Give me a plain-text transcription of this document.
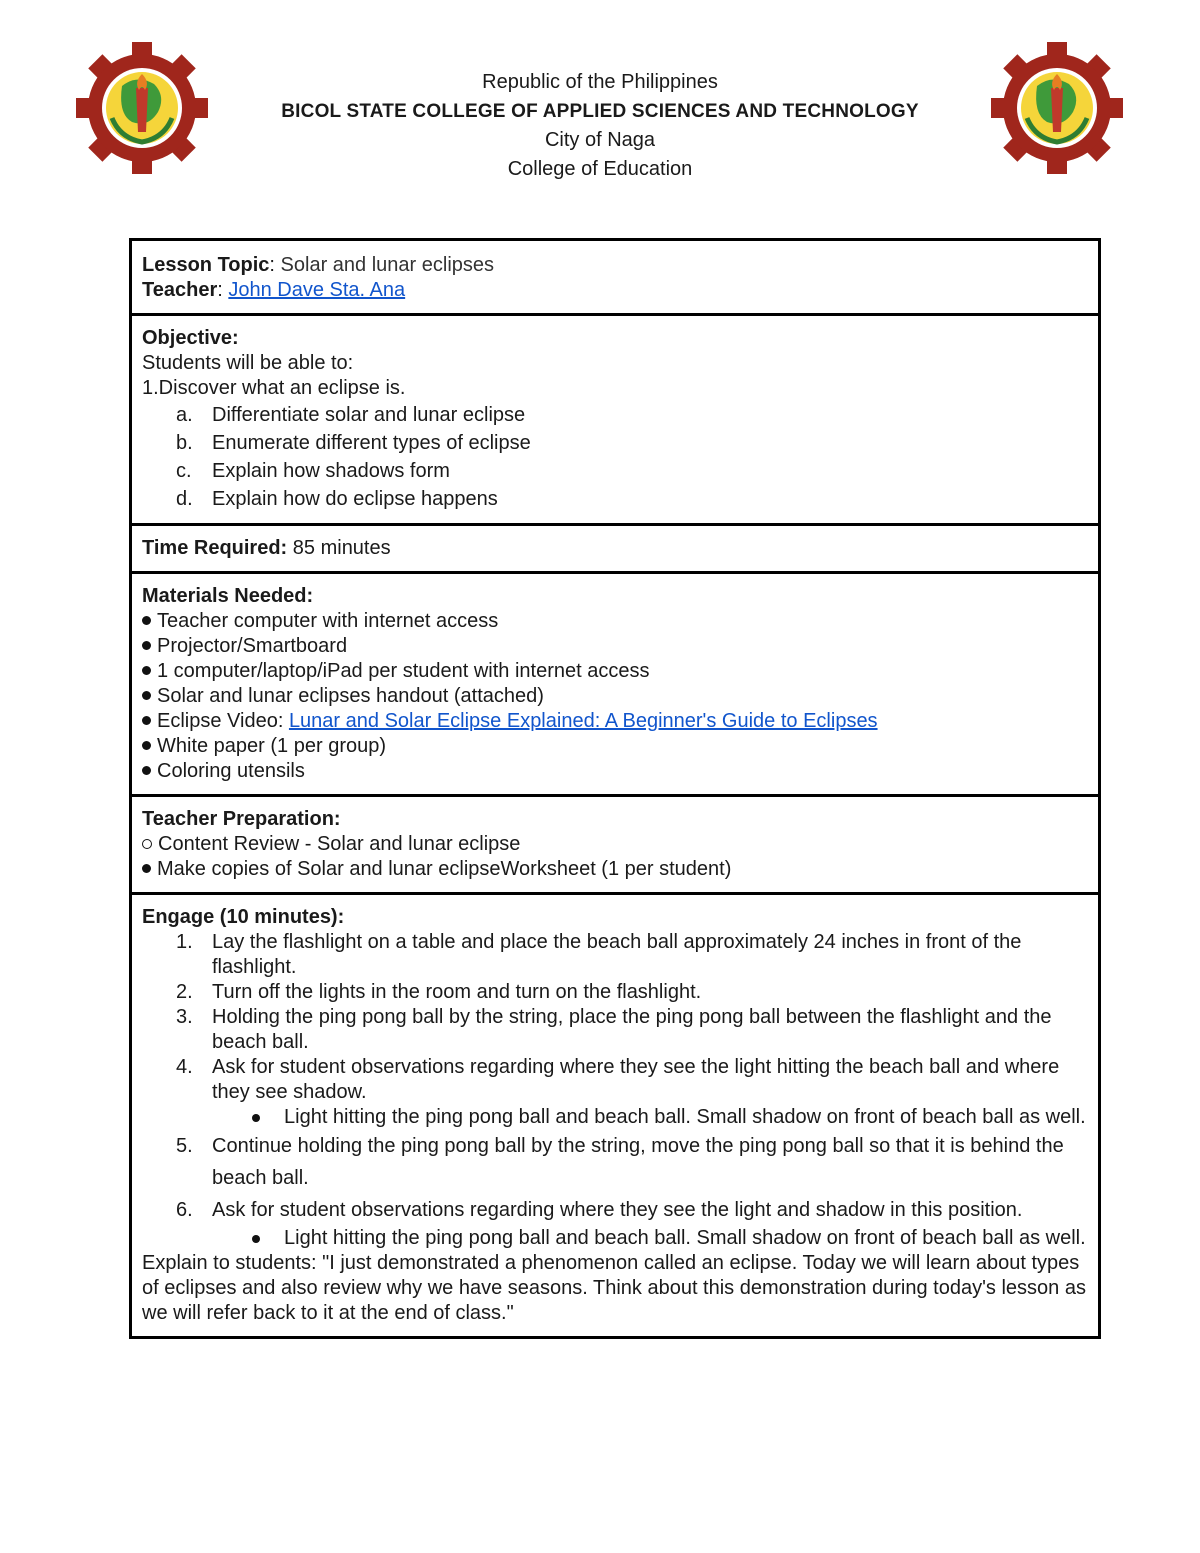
Republic of the Philippines
BICOL STATE COLLEGE OF APPLIED SCIENCES AND TECHNOLOGY
City of Naga
College of Education
Lesson Topic: Solar and lunar eclipses
Teacher: John Dave Sta. Ana

Objective:
Students will be able to:
1.Discover what an eclipse is.
a. Differentiate solar and lunar eclipse
b. Enumerate different types of eclipse
c. Explain how shadows form
d. Explain how do eclipse happens

Time Required: 85 minutes

Materials Needed:
Teacher computer with internet access
Projector/Smartboard
1 computer/laptop/iPad per student with internet access
Solar and lunar eclipses handout (attached)
Eclipse Video: Lunar and Solar Eclipse Explained: A Beginner's Guide to Eclipses
White paper (1 per group)
Coloring utensils

Teacher Preparation:
Content Review - Solar and lunar eclipse
Make copies of Solar and lunar eclipseWorksheet (1 per student)

Engage (10 minutes):
1. Lay the flashlight on a table and place the beach ball approximately 24 inches in front of the flashlight.
2. Turn off the lights in the room and turn on the flashlight.
3. Holding the ping pong ball by the string, place the ping pong ball between the flashlight and the beach ball.
4. Ask for student observations regarding where they see the light hitting the beach ball and where they see shadow.
Light hitting the ping pong ball and beach ball. Small shadow on front of beach ball as well.
5. Continue holding the ping pong ball by the string, move the ping pong ball so that it is behind the beach ball.
6. Ask for student observations regarding where they see the light and shadow in this position.
Light hitting the ping pong ball and beach ball. Small shadow on front of beach ball as well.
Explain to students: "I just demonstrated a phenomenon called an eclipse. Today we will learn about types of eclipses and also review why we have seasons. Think about this demonstration during today's lesson as we will refer back to it at the end of class."
